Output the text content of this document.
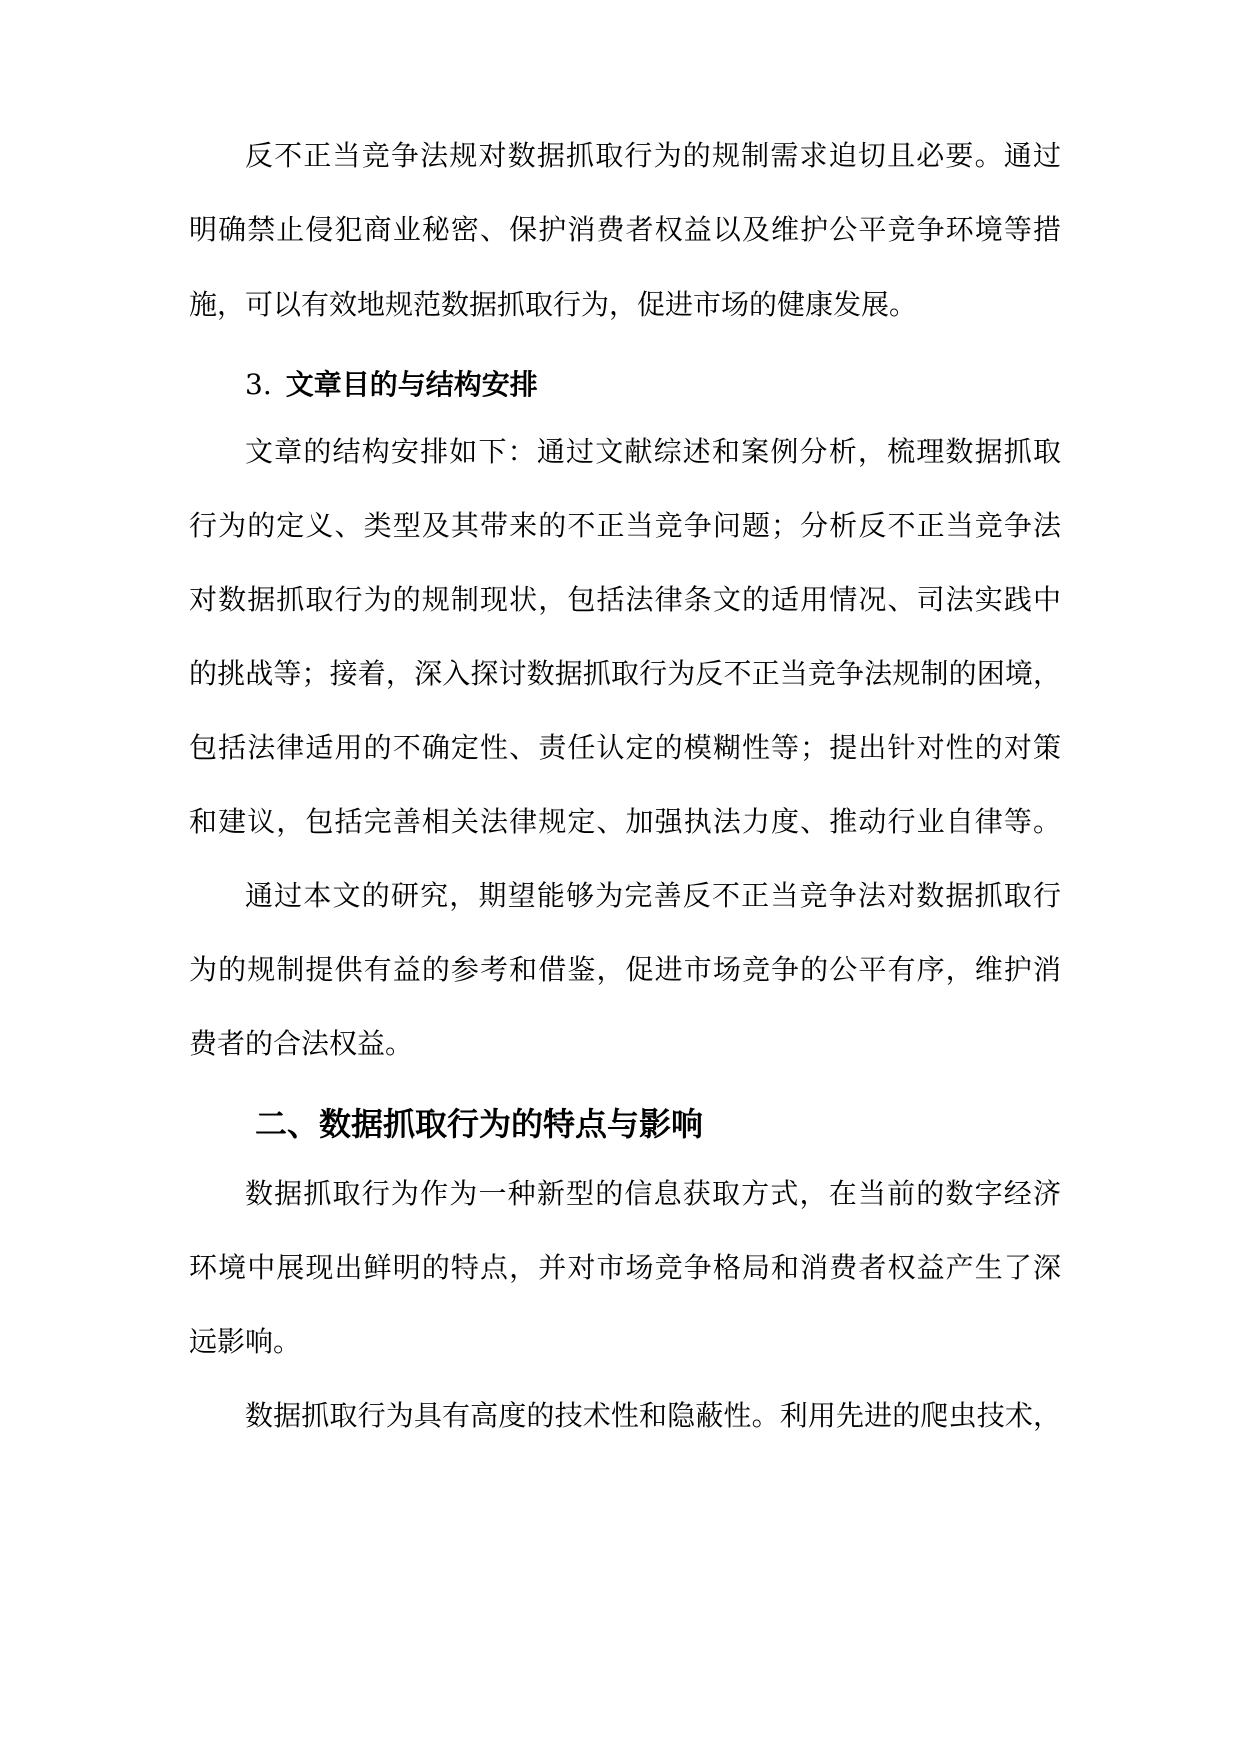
反不正当竞争法规对数据抓取行为的规制需求迫切且必要。通过
明确禁止侵犯商业秘密、保护消费者权益以及维护公平竞争环境等措
施，可以有效地规范数据抓取行为，促进市场的健康发展。
3. 文章目的与结构安排
文章的结构安排如下：通过文献综述和案例分析，梳理数据抓取
行为的定义、类型及其带来的不正当竞争问题；分析反不正当竞争法
对数据抓取行为的规制现状，包括法律条文的适用情况、司法实践中
的挑战等；接着，深入探讨数据抓取行为反不正当竞争法规制的困境，
包括法律适用的不确定性、责任认定的模糊性等；提出针对性的对策
和建议，包括完善相关法律规定、加强执法力度、推动行业自律等。
通过本文的研究，期望能够为完善反不正当竞争法对数据抓取行
为的规制提供有益的参考和借鉴，促进市场竞争的公平有序，维护消
费者的合法权益。
二、数据抓取行为的特点与影响
数据抓取行为作为一种新型的信息获取方式，在当前的数字经济
环境中展现出鲜明的特点，并对市场竞争格局和消费者权益产生了深
远影响。
数据抓取行为具有高度的技术性和隐蔽性。利用先进的爬虫技术，
